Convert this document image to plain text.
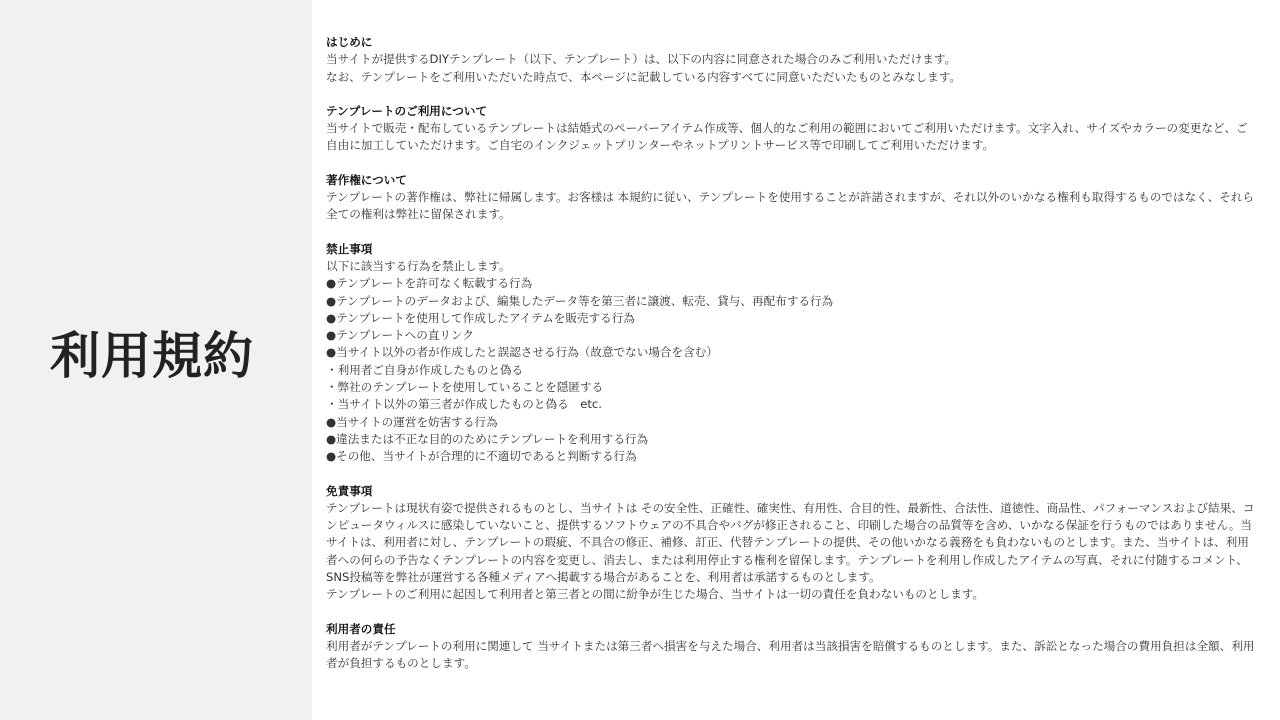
利用規約
はじめに

当サイトが提供するDIYテンプレート（以下、テンプレート）は、以下の内容に同意された場合のみご利用いただけます。

なお、テンプレートをご利用いただいた時点で、本ページに記載している内容すべてに同意いただいたものとみなします。

テンプレートのご利用について

当サイトで販売・配布しているテンプレートは結婚式のペーパーアイテム作成等、個人的なご利用の範囲においてご利用いただけます。文字入れ、サイズやカラーの変更など、ご自由に加工していただけます。ご自宅のインクジェットプリンターやネットプリントサービス等で印刷してご利用いただけます。

著作権について

テンプレートの著作権は、弊社に帰属します。お客様は 本規約に従い、テンプレートを使用することが許諾されますが、それ以外のいかなる権利も取得するものではなく、それら全ての権利は弊社に留保されます。

禁止事項

以下に該当する行為を禁止します。

●テンプレートを許可なく転載する行為
●テンプレートのデータおよび、編集したデータ等を第三者に譲渡、転売、貸与、再配布する行為
●テンプレートを使用して作成したアイテムを販売する行為
●テンプレートへの直リンク
●当サイト以外の者が作成したと誤認させる行為（故意でない場合を含む）
・利用者ご自身が作成したものと偽る
・弊社のテンプレートを使用していることを隠匿する
・当サイト以外の第三者が作成したものと偽る　etc.
●当サイトの運営を妨害する行為
●違法または不正な目的のためにテンプレートを利用する行為
●その他、当サイトが合理的に不適切であると判断する行為
免責事項

テンプレートは現状有姿で提供されるものとし、当サイトは その安全性、正確性、確実性、有用性、合目的性、最新性、合法性、道徳性、商品性、パフォーマンスおよび結果、コンピュータウィルスに感染していないこと、提供するソフトウェアの不具合やバグが修正されること、印刷した場合の品質等を含め、いかなる保証を行うものではありません。当サイトは、利用者に対し、テンプレートの瑕疵、不具合の修正、補修、訂正、代替テンプレートの提供、その他いかなる義務をも負わないものとします。また、当サイトは、利用者への何らの予告なくテンプレートの内容を変更し、消去し、または利用停止する権利を留保します。テンプレートを利用し作成したアイテムの写真、それに付随するコメント、SNS投稿等を弊社が運営する各種メディアへ掲載する場合があることを、利用者は承諾するものとします。

テンプレートのご利用に起因して利用者と第三者との間に紛争が生じた場合、当サイトは一切の責任を負わないものとします。

利用者の責任

利用者がテンプレートの利用に関連して 当サイトまたは第三者へ損害を与えた場合、利用者は当該損害を賠償するものとします。また、訴訟となった場合の費用負担は全額、利用者が負担するものとします。
